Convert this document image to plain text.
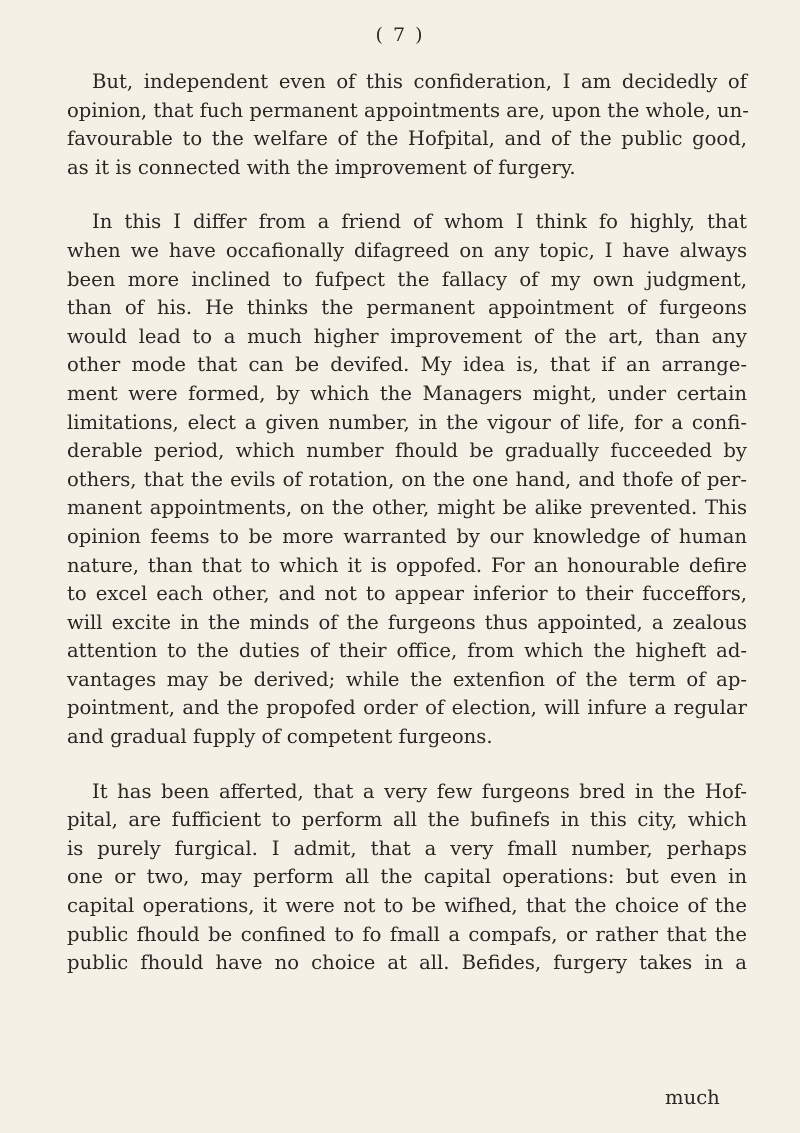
( 7 )
But, independent even of this confideration, I am decidedly of
opinion, that fuch permanent appointments are, upon the whole, un-
favourable to the welfare of the Hofpital, and of the public good,
as it is connected with the improvement of furgery.
In this I differ from a friend of whom I think fo highly, that
when we have occafionally difagreed on any topic, I have always
been more inclined to fufpect the fallacy of my own judgment,
than of his. He thinks the permanent appointment of furgeons
would lead to a much higher improvement of the art, than any
other mode that can be devifed. My idea is, that if an arrange-
ment were formed, by which the Managers might, under certain
limitations, elect a given number, in the vigour of life, for a confi-
derable period, which number fhould be gradually fucceeded by
others, that the evils of rotation, on the one hand, and thofe of per-
manent appointments, on the other, might be alike prevented. This
opinion feems to be more warranted by our knowledge of human
nature, than that to which it is oppofed. For an honourable defire
to excel each other, and not to appear inferior to their fucceffors,
will excite in the minds of the furgeons thus appointed, a zealous
attention to the duties of their office, from which the higheft ad-
vantages may be derived; while the extenfion of the term of ap-
pointment, and the propofed order of election, will infure a regular
and gradual fupply of competent furgeons.
It has been afferted, that a very few furgeons bred in the Hof-
pital, are fufficient to perform all the bufinefs in this city, which
is purely furgical. I admit, that a very fmall number, perhaps
one or two, may perform all the capital operations: but even in
capital operations, it were not to be wifhed, that the choice of the
public fhould be confined to fo fmall a compafs, or rather that the
public fhould have no choice at all. Befides, furgery takes in a
much
